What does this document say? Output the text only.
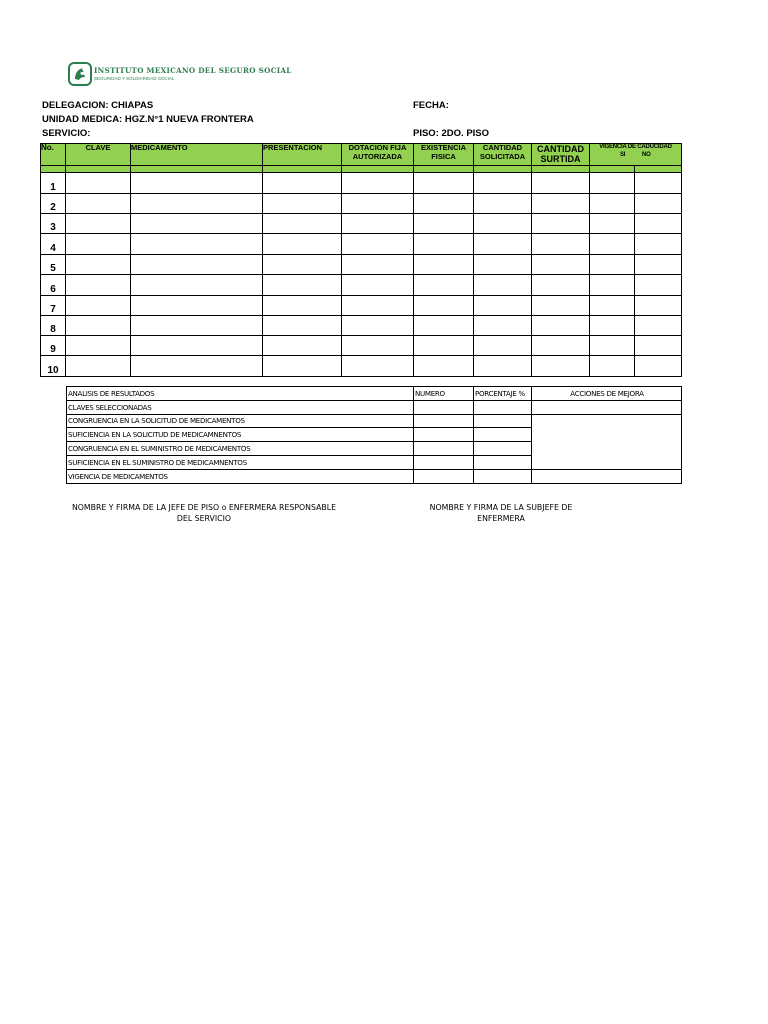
INSTITUTO MEXICANO DEL SEGURO SOCIAL
SEGURIDAD Y SOLIDARIDAD SOCIAL
DELEGACION: CHIAPAS	FECHA:
UNIDAD MEDICA: HGZ.N°1 NUEVA FRONTERA
SERVICIO:	PISO: 2DO. PISO
No.	CLAVE	MEDICAMENTO	PRESENTACION	DOTACION FIJA AUTORIZADA	EXISTENCIA FISICA	CANTIDAD SOLICITADA	CANTIDAD SURTIDA	VIGENCIA DE CADUCIDAD
SI NO	

1									
2									
3									
4									
5									
6									
7									
8									
9									
10									
ANALISIS DE RESULTADOS	NUMERO	PORCENTAJE %	ACCIONES DE MEJORA
CLAVES SELECCIONADAS			
CONGRUENCIA EN LA SOLICITUD DE MEDICAMENTOS			
SUFICIENCIA EN LA SOLICITUD DE MEDICAMNENTOS			
CONGRUENCIA EN EL SUMINISTRO DE MEDICAMENTOS			
SUFICIENCIA EN EL SUMINISTRO DE MEDICAMNENTOS			
VIGENCIA DE MEDICAMENTOS			
NOMBRE Y FIRMA DE LA JEFE DE PISO o ENFERMERA RESPONSABLE DEL SERVICIO
NOMBRE Y FIRMA DE LA SUBJEFE DE ENFERMERA
